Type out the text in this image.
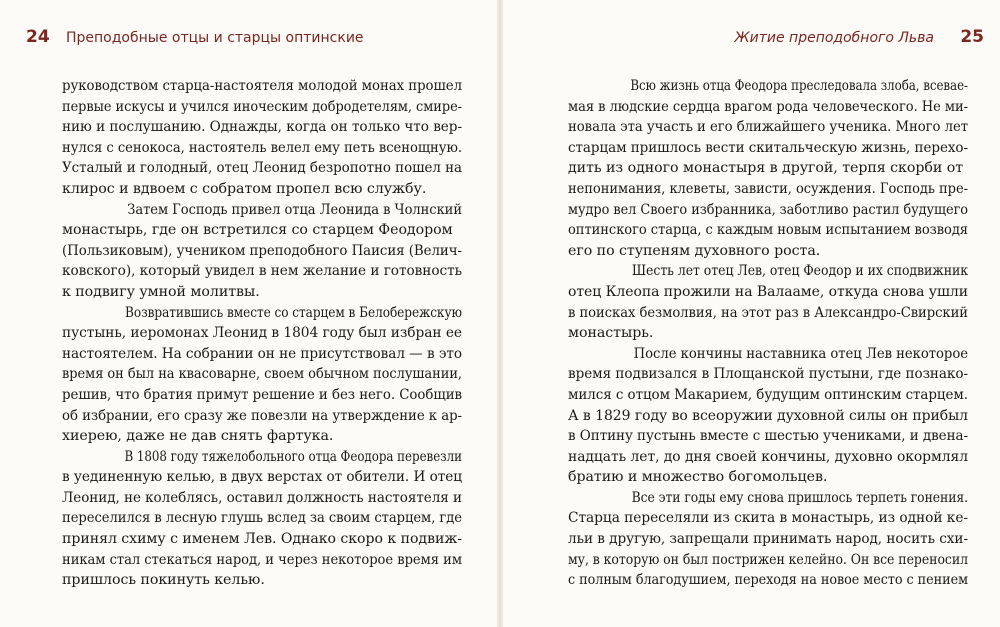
24 Преподобные отцы и старцы оптинские
руководством старца-настоятеля молодой монах прошел
первые искусы и учился иноческим добродетелям, смире-
нию и послушанию. Однажды, когда он только что вер-
нулся с сенокоса, настоятель велел ему петь всенощную.
Усталый и голодный, отец Леонид безропотно пошел на
клирос и вдвоем с собратом пропел всю службу.
Затем Господь привел отца Леонида в Чолнский
монастырь, где он встретился со старцем Феодором
(Пользиковым), учеником преподобного Паисия (Велич-
ковского), который увидел в нем желание и готовность
к подвигу умной молитвы.
Возвратившись вместе со старцем в Белобережскую
пустынь, иеромонах Леонид в 1804 году был избран ее
настоятелем. На собрании он не присутствовал — в это
время он был на квасоварне, своем обычном послушании,
решив, что братия примут решение и без него. Сообщив
об избрании, его сразу же повезли на утверждение к ар-
хиерею, даже не дав снять фартука.
В 1808 году тяжелобольного отца Феодора перевезли
в уединенную келью, в двух верстах от обители. И отец
Леонид, не колеблясь, оставил должность настоятеля и
переселился в лесную глушь вслед за своим старцем, где
принял схиму с именем Лев. Однако скоро к подвиж-
никам стал стекаться народ, и через некоторое время им
пришлось покинуть келью.
Житие преподобного Льва 25
Всю жизнь отца Феодора преследовала злоба, всевае-
мая в людские сердца врагом рода человеческого. Не ми-
новала эта участь и его ближайшего ученика. Много лет
старцам пришлось вести скитальческую жизнь, перехо-
дить из одного монастыря в другой, терпя скорби от
непонимания, клеветы, зависти, осуждения. Господь пре-
мудро вел Своего избранника, заботливо растил будущего
оптинского старца, с каждым новым испытанием возводя
его по ступеням духовного роста.
Шесть лет отец Лев, отец Феодор и их сподвижник
отец Клеопа прожили на Валааме, откуда снова ушли
в поисках безмолвия, на этот раз в Александро-Свирский
монастырь.
После кончины наставника отец Лев некоторое
время подвизался в Площанской пустыни, где познако-
мился с отцом Макарием, будущим оптинским старцем.
А в 1829 году во всеоружии духовной силы он прибыл
в Оптину пустынь вместе с шестью учениками, и двена-
надцать лет, до дня своей кончины, духовно окормлял
братию и множество богомольцев.
Все эти годы ему снова пришлось терпеть гонения.
Старца переселяли из скита в монастырь, из одной ке-
льи в другую, запрещали принимать народ, носить схи-
му, в которую он был пострижен келейно. Он все переносил
с полным благодушием, переходя на новое место с пением
